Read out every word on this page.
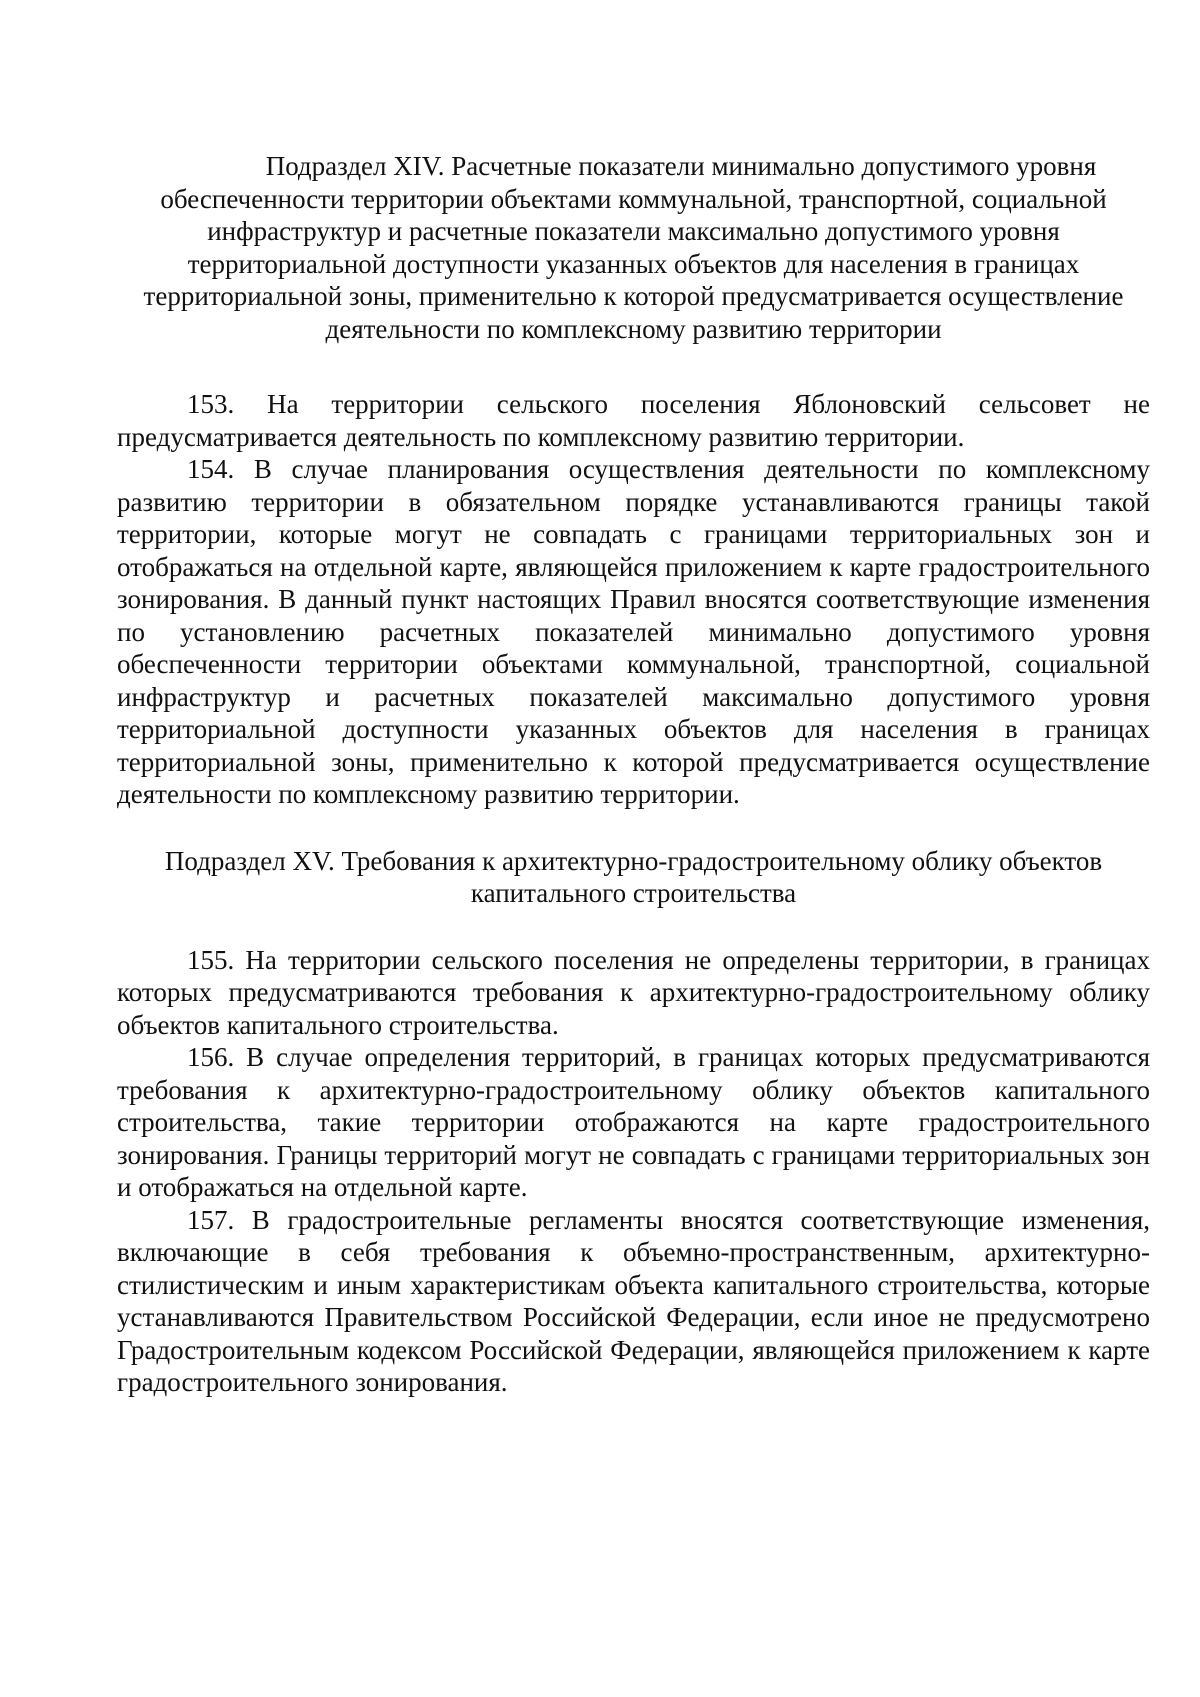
Подраздел XIV. Расчетные показатели минимально допустимого уровня обеспеченности территории объектами коммунальной, транспортной, социальной инфраструктур и расчетные показатели максимально допустимого уровня территориальной доступности указанных объектов для населения в границах территориальной зоны, применительно к которой предусматривается осуществление деятельности по комплексному развитию территории

153. На территории сельского поселения Яблоновский сельсовет не предусматривается деятельность по комплексному развитию территории.

154. В случае планирования осуществления деятельности по комплексному развитию территории в обязательном порядке устанавливаются границы такой территории, которые могут не совпадать с границами территориальных зон и отображаться на отдельной карте, являющейся приложением к карте градостроительного зонирования. В данный пункт настоящих Правил вносятся соответствующие изменения по установлению расчетных показателей минимально допустимого уровня обеспеченности территории объектами коммунальной, транспортной, социальной инфраструктур и расчетных показателей максимально допустимого уровня территориальной доступности указанных объектов для населения в границах территориальной зоны, применительно к которой предусматривается осуществление деятельности по комплексному развитию территории.

Подраздел XV. Требования к архитектурно-градостроительному облику объектов капитального строительства

155. На территории сельского поселения не определены территории, в границах которых предусматриваются требования к архитектурно-градостроительному облику объектов капитального строительства.

156. В случае определения территорий, в границах которых предусматриваются требования к архитектурно-градостроительному облику объектов капитального строительства, такие территории отображаются на карте градостроительного зонирования. Границы территорий могут не совпадать с границами территориальных зон и отображаться на отдельной карте.

157. В градостроительные регламенты вносятся соответствующие изменения, включающие в себя требования к объемно-пространственным, архитектурно-стилистическим и иным характеристикам объекта капитального строительства, которые устанавливаются Правительством Российской Федерации, если иное не предусмотрено Градостроительным кодексом Российской Федерации, являющейся приложением к карте градостроительного зонирования.
